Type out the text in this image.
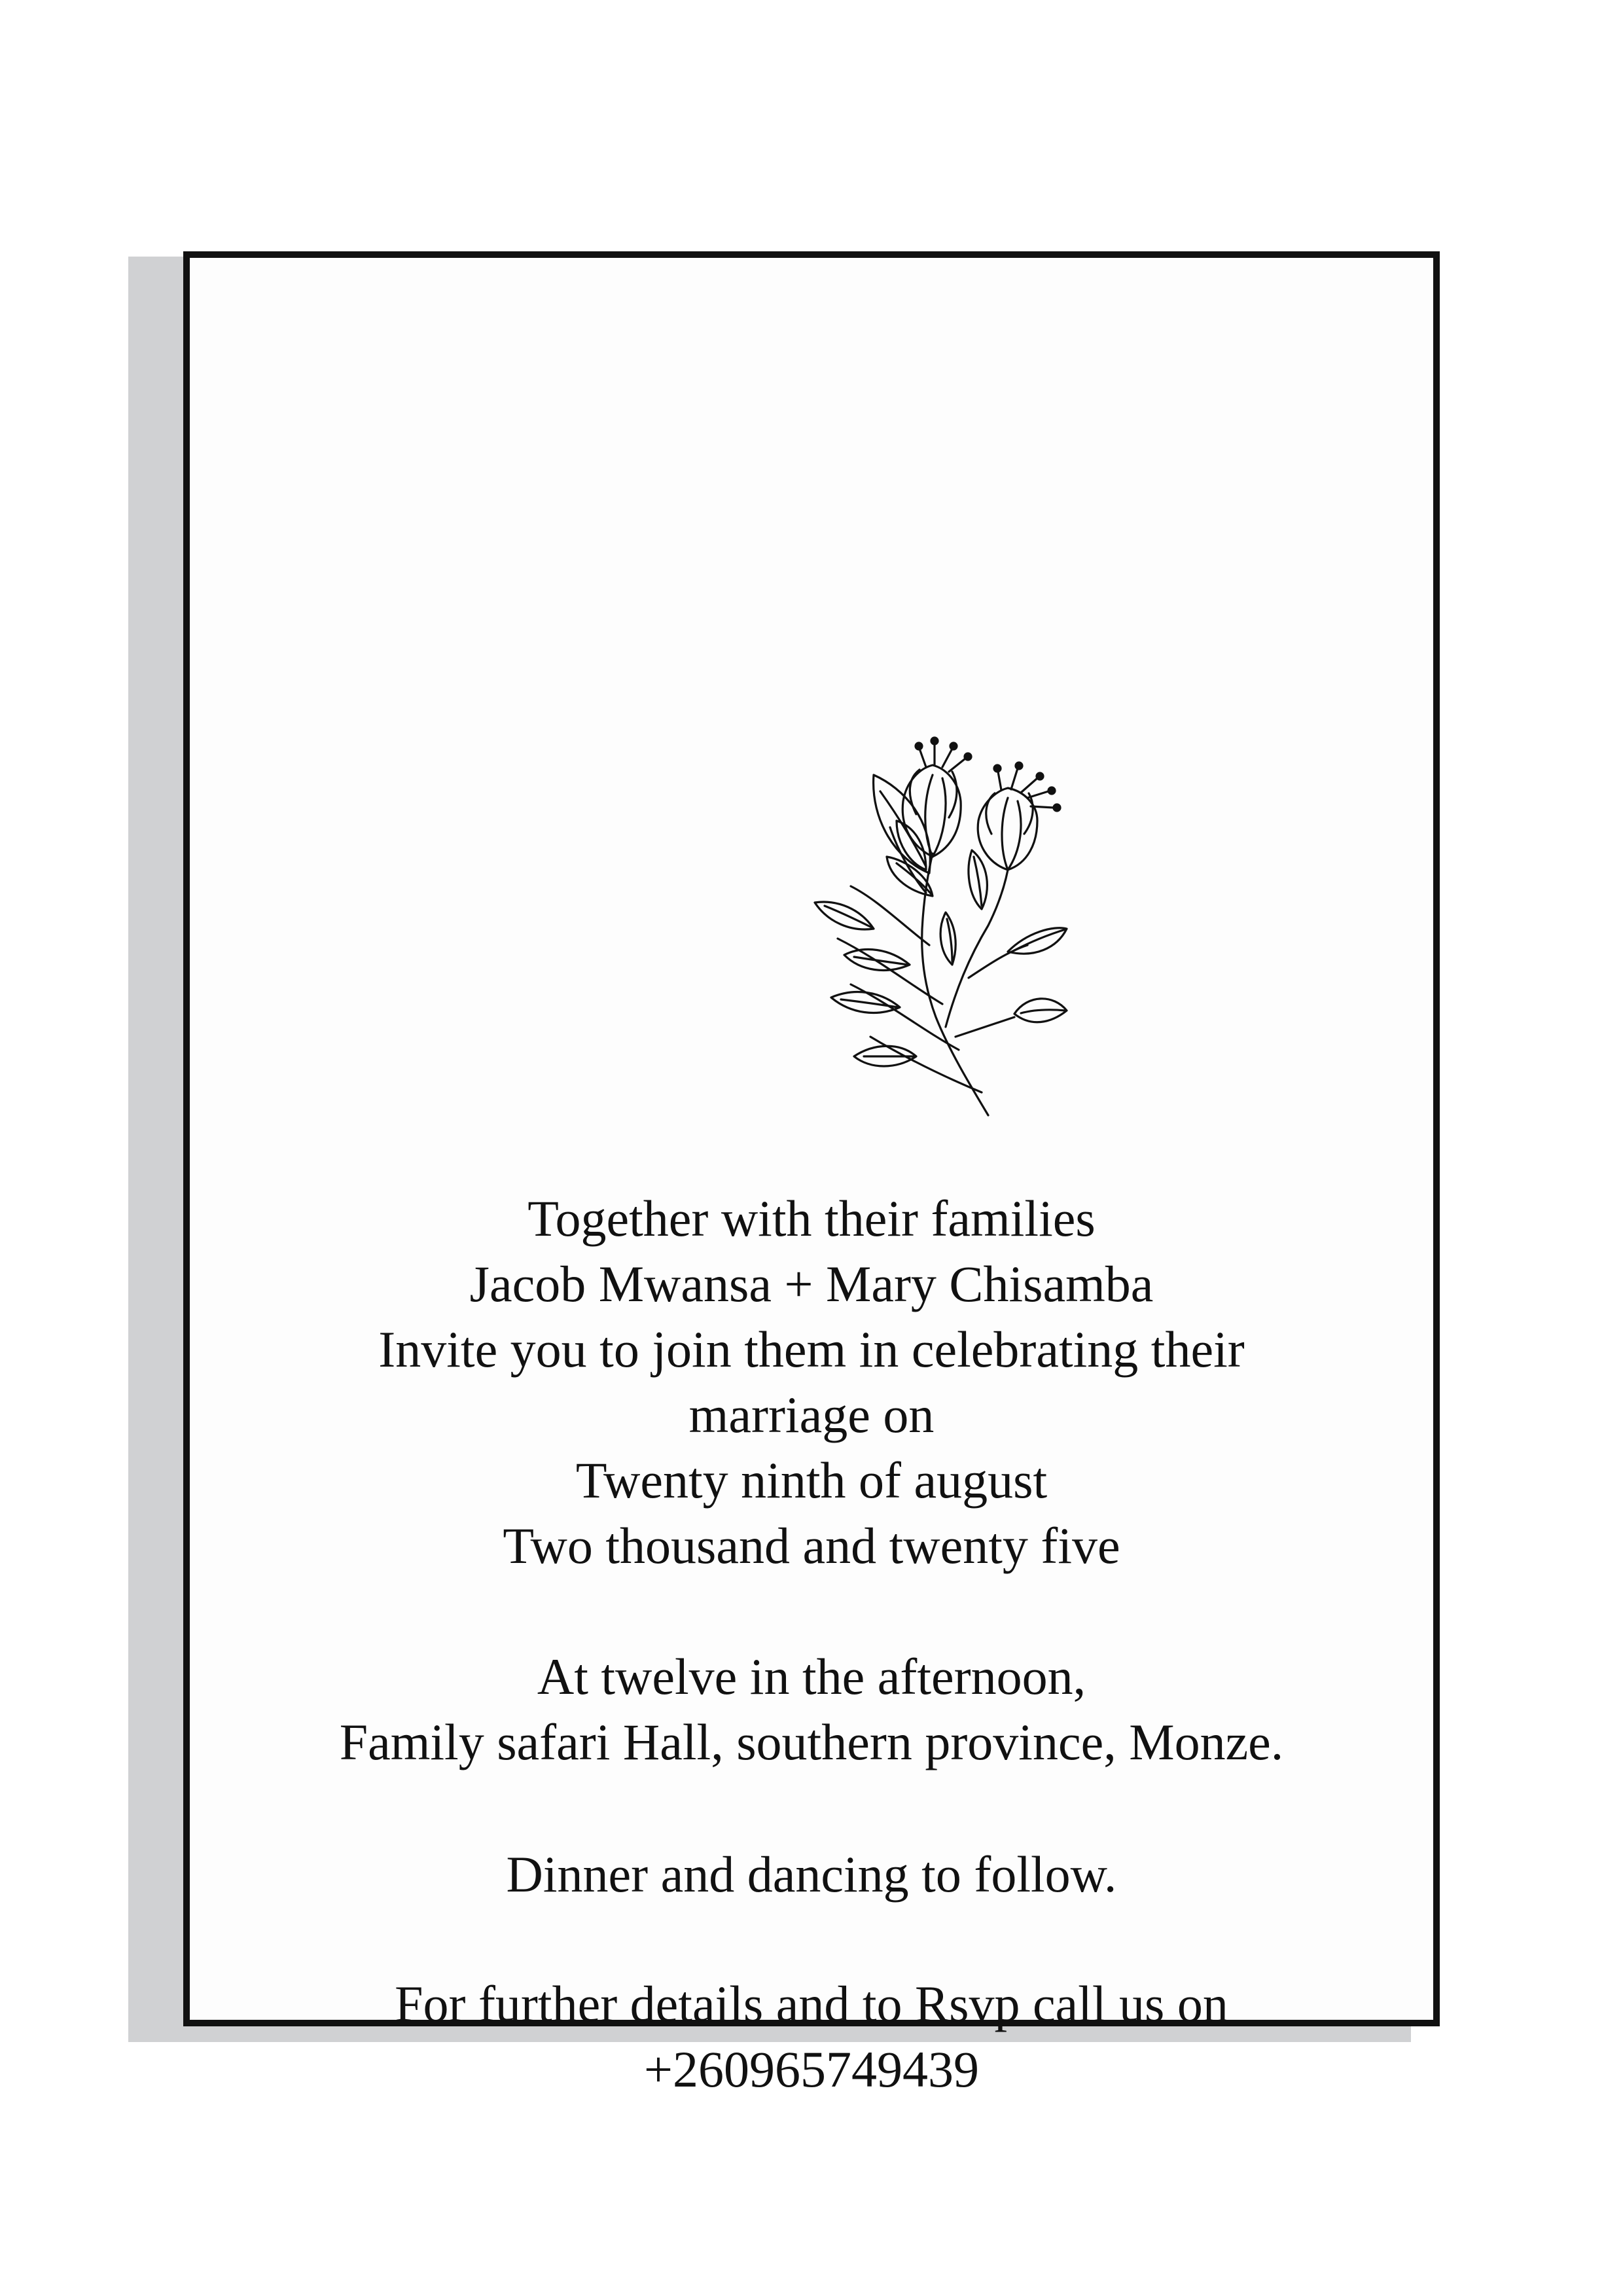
Together with their families
Jacob Mwansa + Mary Chisamba
Invite you to join them in celebrating their
marriage on
Twenty ninth of august
Two thousand and twenty five
At twelve in the afternoon,
Family safari Hall, southern province, Monze.
Dinner and dancing to follow.
For further details and to Rsvp call us on
+260965749439
